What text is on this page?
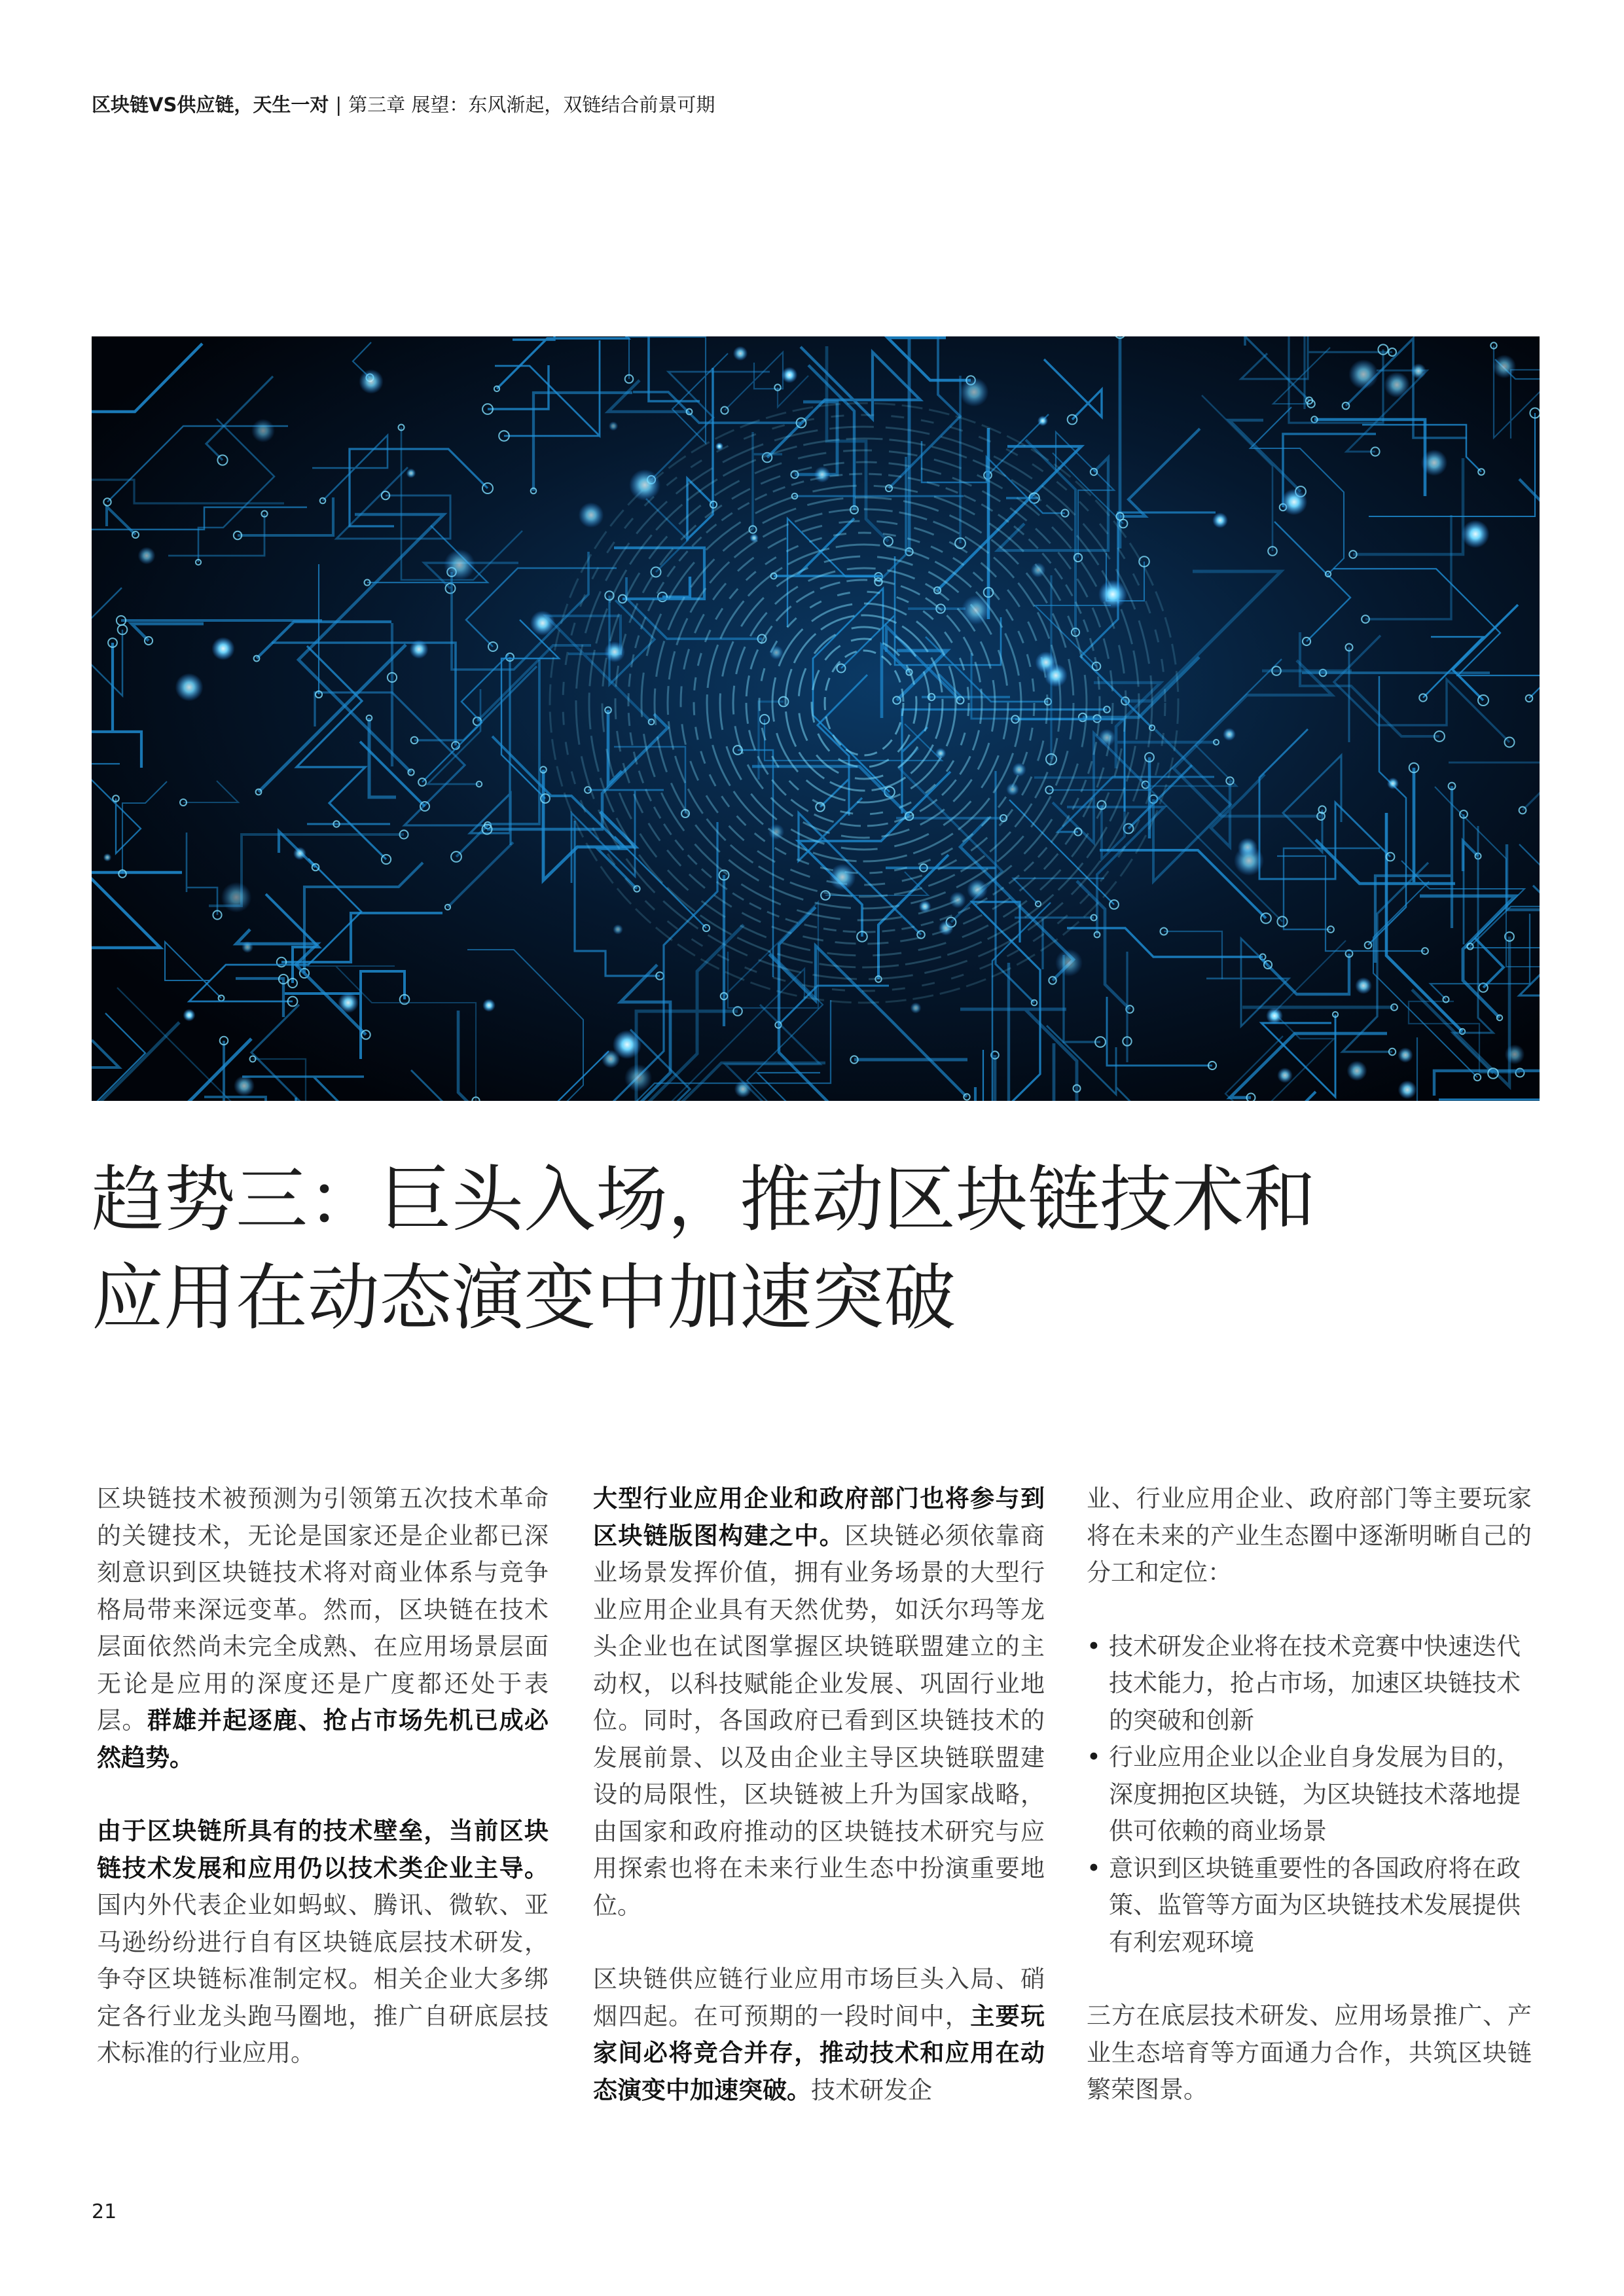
区块链VS供应链，天生一对 | 第三章 展望：东风渐起，双链结合前景可期
趋势三：巨头入场，推动区块链技术和
应用在动态演变中加速突破

区块链技术被预测为引领第五次技术革命的关键技术，无论是国家还是企业都已深刻意识到区块链技术将对商业体系与竞争格局带来深远变革。然而，区块链在技术层面依然尚未完全成熟、在应用场景层面无论是应用的深度还是广度都还处于表层。群雄并起逐鹿、抢占市场先机已成必然趋势。

由于区块链所具有的技术壁垒，当前区块链技术发展和应用仍以技术类企业主导。国内外代表企业如蚂蚁、腾讯、微软、亚马逊纷纷进行自有区块链底层技术研发，争夺区块链标准制定权。相关企业大多绑定各行业龙头跑马圈地，推广自研底层技术标准的行业应用。

大型行业应用企业和政府部门也将参与到区块链版图构建之中。区块链必须依靠商业场景发挥价值，拥有业务场景的大型行业应用企业具有天然优势，如沃尔玛等龙头企业也在试图掌握区块链联盟建立的主动权，以科技赋能企业发展、巩固行业地位。同时，各国政府已看到区块链技术的发展前景、以及由企业主导区块链联盟建设的局限性，区块链被上升为国家战略，由国家和政府推动的区块链技术研究与应用探索也将在未来行业生态中扮演重要地位。

区块链供应链行业应用市场巨头入局、硝烟四起。在可预期的一段时间中，主要玩家间必将竞合并存，推动技术和应用在动态演变中加速突破。技术研发企

业、行业应用企业、政府部门等主要玩家将在未来的产业生态圈中逐渐明晰自己的分工和定位：

• 技术研发企业将在技术竞赛中快速迭代技术能力，抢占市场，加速区块链技术的突破和创新
• 行业应用企业以企业自身发展为目的，深度拥抱区块链，为区块链技术落地提供可依赖的商业场景
• 意识到区块链重要性的各国政府将在政策、监管等方面为区块链技术发展提供有利宏观环境

三方在底层技术研发、应用场景推广、产业生态培育等方面通力合作，共筑区块链繁荣图景。

21
